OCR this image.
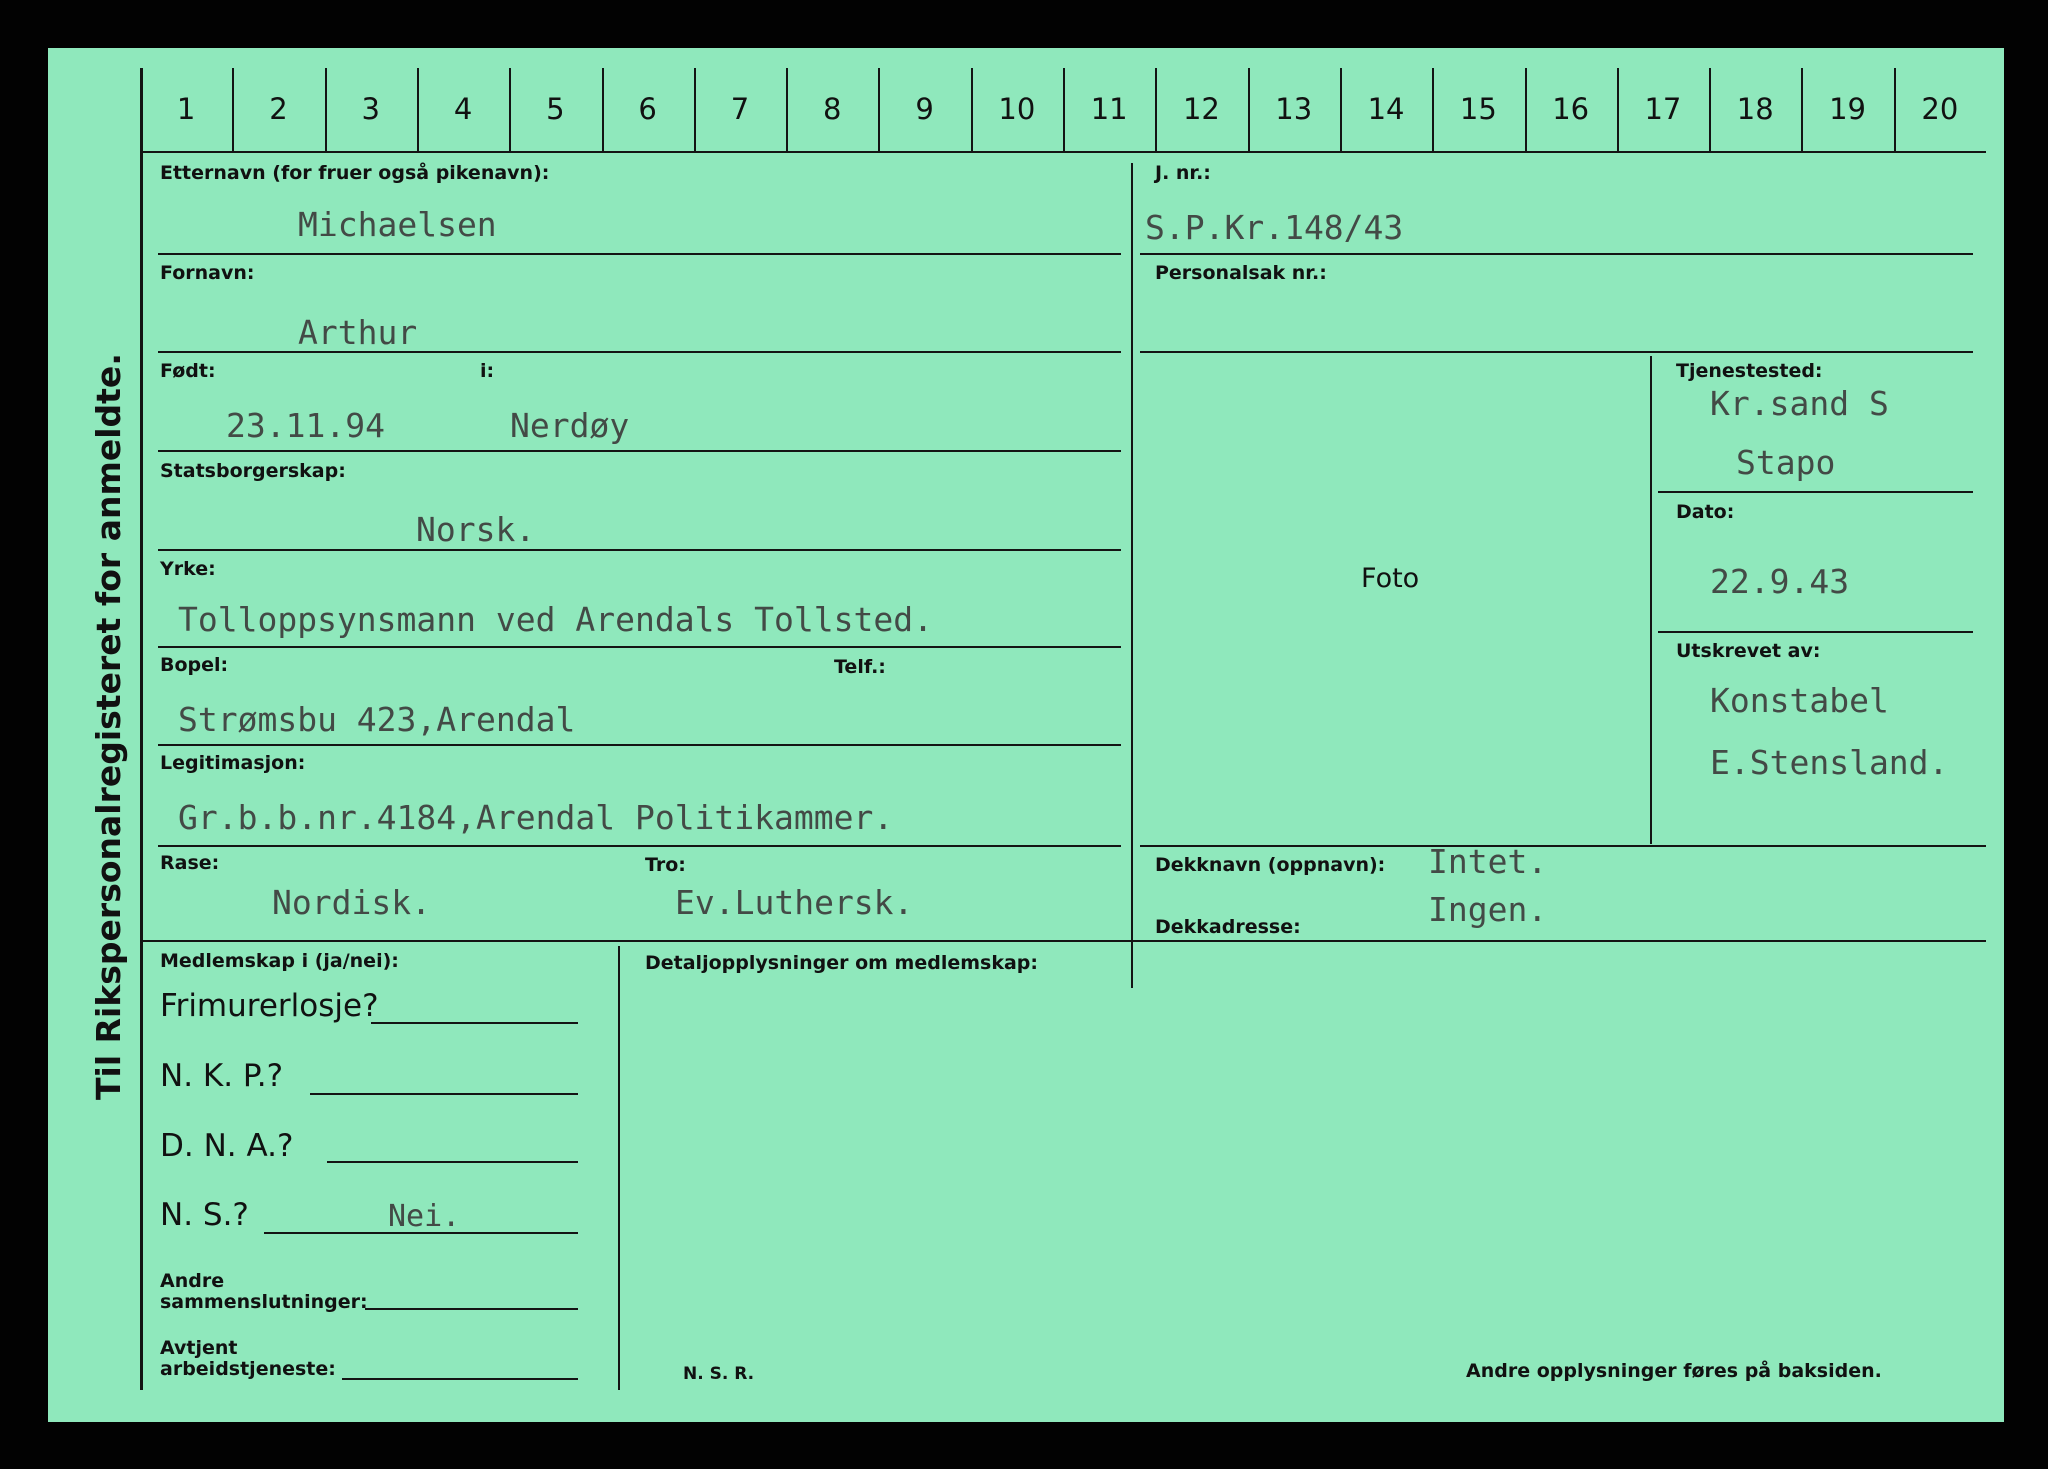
Til Rikspersonalregisteret for anmeldte.
Etternavn (for fruer også pikenavn):
Michaelsen
Fornavn:
Arthur
Født:	i:
23.11.94	Nerdøy
Statsborgerskap:
Norsk.
Yrke:
Tolloppsynsmann ved Arendals Tollsted.
Bopel:	Telf.:
Strømsbu 423,Arendal
Legitimasjon:
Gr.b.b.nr.4184,Arendal Politikammer.
Rase:
Nordisk.
Tro:
Ev.Luthersk.
J. nr.:
S.P.Kr.148/43
Personalsak nr.:
Foto
Tjenestested:
Kr.sand S
Stapo
Dato:
22.9.43
Utskrevet av:
Konstabel
E.Stensland.
Dekknavn (oppnavn): Intet.
Dekkadresse:	Ingen.
Medlemskap i (ja/nei):	Detaljopplysninger om medlemskap:
Frimurerlosje?
N. K. P.?
D. N. A.?
N. S.?	Nei.
Andre
sammenslutninger:
Avtjent
arbeidstjeneste:	N. S. R.	Andre opplysninger føres på baksiden.
1	2	3	4	5	6	7	8	9	10	11	12	13	14	15	16	17	18	19	20
